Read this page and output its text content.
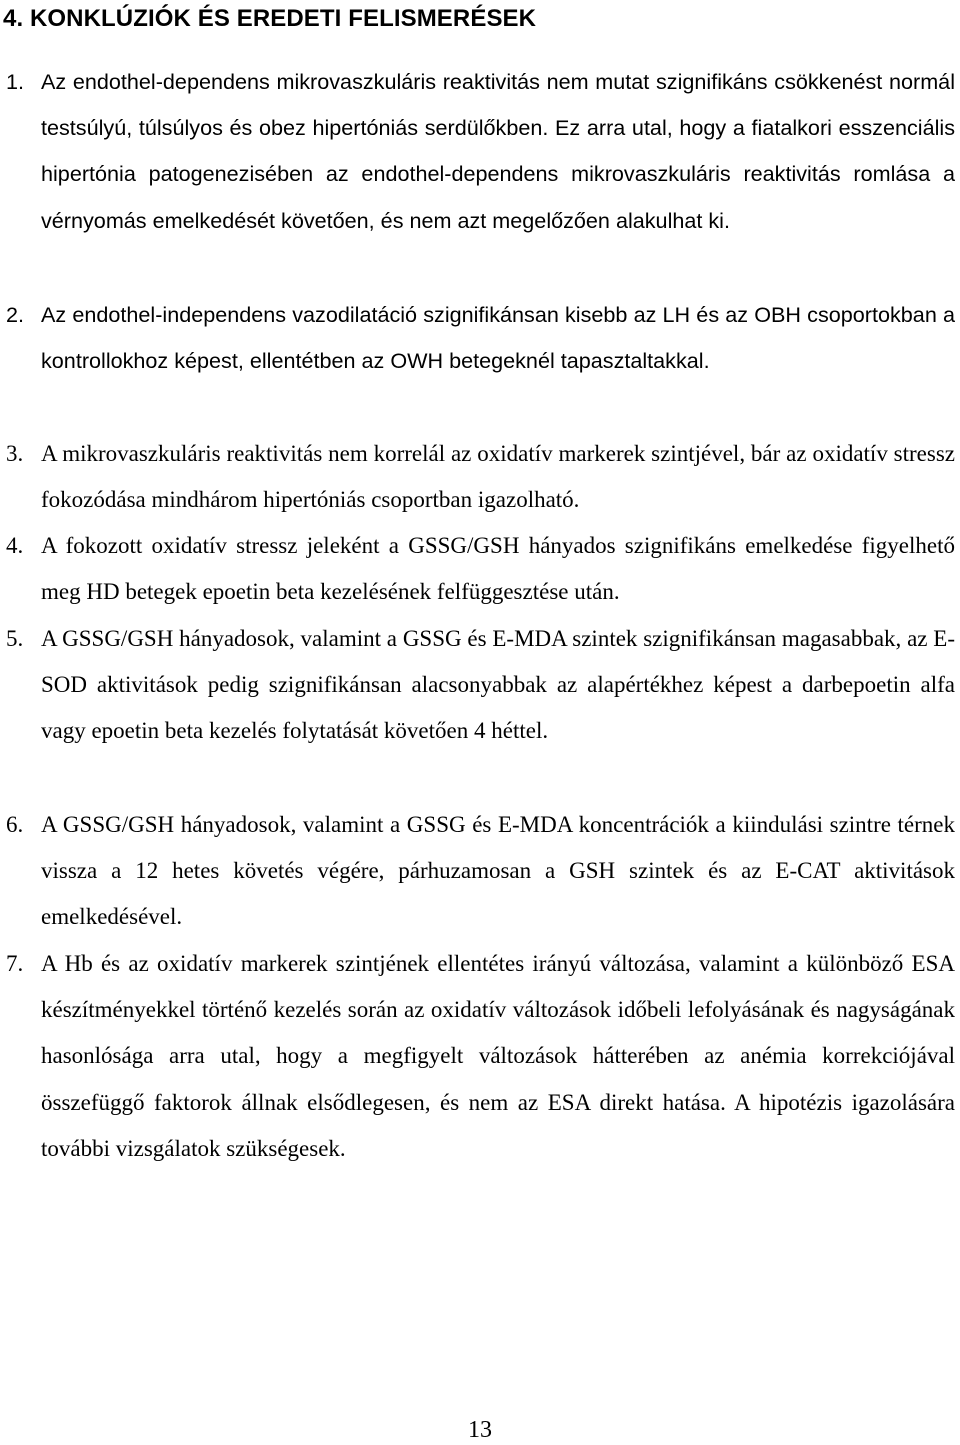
4. KONKLÚZIÓK ÉS EREDETI FELISMERÉSEK
1. Az endothel-dependens mikrovaszkuláris reaktivitás nem mutat szignifikáns csökkenést normál testsúlyú, túlsúlyos és obez hipertóniás serdülőkben. Ez arra utal, hogy a fiatalkori esszenciális hipertónia patogenezisében az endothel-dependens mikrovaszkuláris reaktivitás romlása a vérnyomás emelkedését követően, és nem azt megelőzően alakulhat ki.
2. Az endothel-independens vazodilatáció szignifikánsan kisebb az LH és az OBH csoportokban a kontrollokhoz képest, ellentétben az OWH betegeknél tapasztaltakkal.
3. A mikrovaszkuláris reaktivitás nem korrelál az oxidatív markerek szintjével, bár az oxidatív stressz fokozódása mindhárom hipertóniás csoportban igazolható.
4. A fokozott oxidatív stressz jeleként a GSSG/GSH hányados szignifikáns emelkedése figyelhető meg HD betegek epoetin beta kezelésének felfüggesztése után.
5. A GSSG/GSH hányadosok, valamint a GSSG és E-MDA szintek szignifikánsan magasabbak, az E-SOD aktivitások pedig szignifikánsan alacsonyabbak az alapértékhez képest a darbepoetin alfa vagy epoetin beta kezelés folytatását követően 4 héttel.
6. A GSSG/GSH hányadosok, valamint a GSSG és E-MDA koncentrációk a kiindulási szintre térnek vissza a 12 hetes követés végére, párhuzamosan a GSH szintek és az E-CAT aktivitások emelkedésével.
7. A Hb és az oxidatív markerek szintjének ellentétes irányú változása, valamint a különböző ESA készítményekkel történő kezelés során az oxidatív változások időbeli lefolyásának és nagyságának hasonlósága arra utal, hogy a megfigyelt változások hátterében az anémia korrekciójával összefüggő faktorok állnak elsődlegesen, és nem az ESA direkt hatása. A hipotézis igazolására további vizsgálatok szükségesek.
13
